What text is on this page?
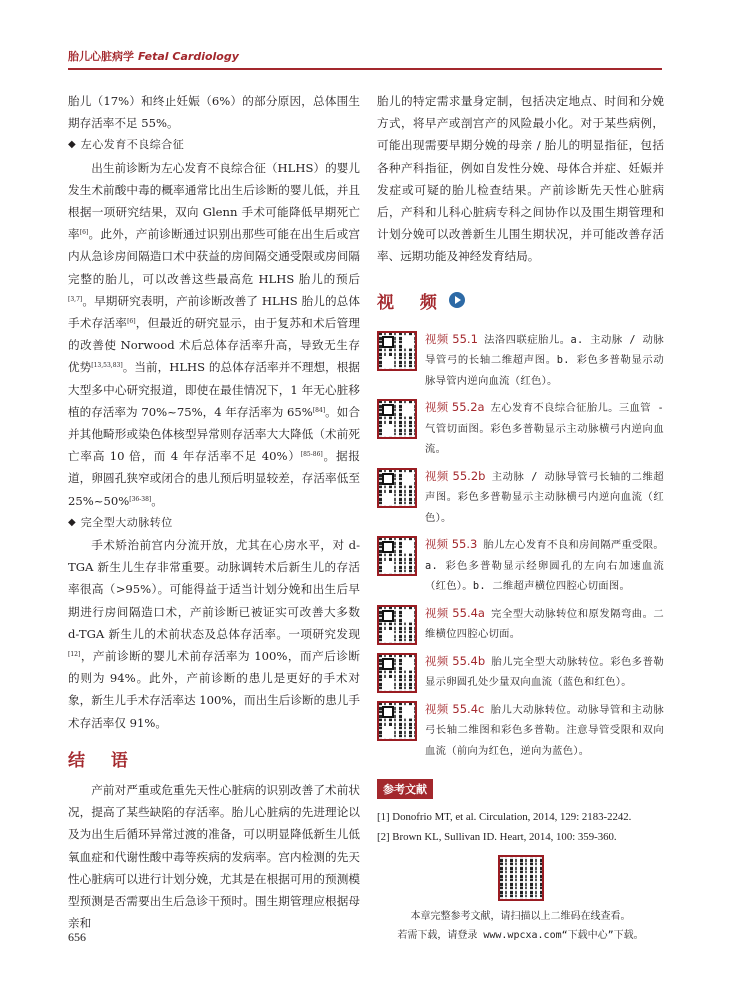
胎儿心脏病学 Fetal Cardiology

胎儿（17%）和终止妊娠（6%）的部分原因，总体围生期存活率不足 55%。

◆ 左心发育不良综合征

出生前诊断为左心发育不良综合征（HLHS）的婴儿发生术前酸中毒的概率通常比出生后诊断的婴儿低，并且根据一项研究结果，双向 Glenn 手术可能降低早期死亡率[6]。此外，产前诊断通过识别出那些可能在出生后或宫内从急诊房间隔造口术中获益的房间隔交通受限或房间隔完整的胎儿，可以改善这些最高危 HLHS 胎儿的预后[3,7]。早期研究表明，产前诊断改善了 HLHS 胎儿的总体手术存活率[6]，但最近的研究显示，由于复苏和术后管理的改善使 Norwood 术后总体存活率升高，导致无生存优势[13,53,83]。当前，HLHS 的总体存活率并不理想，根据大型多中心研究报道，即使在最佳情况下，1 年无心脏移植的存活率为 70%~75%，4 年存活率为 65%[84]。如合并其他畸形或染色体核型异常则存活率大大降低（术前死亡率高 10 倍，而 4 年存活率不足 40%）[85-86]。据报道，卵圆孔狭窄或闭合的患儿预后明显较差，存活率低至 25%~50%[36-38]。

◆ 完全型大动脉转位

手术矫治前宫内分流开放，尤其在心房水平，对 d-TGA 新生儿生存非常重要。动脉调转术后新生儿的存活率很高（>95%）。可能得益于适当计划分娩和出生后早期进行房间隔造口术，产前诊断已被证实可改善大多数 d-TGA 新生儿的术前状态及总体存活率。一项研究发现[12]，产前诊断的婴儿术前存活率为 100%，而产后诊断的则为 94%。此外，产前诊断的患儿是更好的手术对象，新生儿手术存活率达 100%，而出生后诊断的患儿手术存活率仅 91%。

结 语

产前对严重或危重先天性心脏病的识别改善了术前状况，提高了某些缺陷的存活率。胎儿心脏病的先进理论以及为出生后循环异常过渡的准备，可以明显降低新生儿低氧血症和代谢性酸中毒等疾病的发病率。宫内检测的先天性心脏病可以进行计划分娩，尤其是在根据可用的预测模型预测是否需要出生后急诊干预时。围生期管理应根据母亲和

胎儿的特定需求量身定制，包括决定地点、时间和分娩方式，将早产或剖宫产的风险最小化。对于某些病例，可能出现需要早期分娩的母亲 / 胎儿的明显指征，包括各种产科指征，例如自发性分娩、母体合并症、妊娠并发症或可疑的胎儿检查结果。产前诊断先天性心脏病后，产科和儿科心脏病专科之间协作以及围生期管理和计划分娩可以改善新生儿围生期状况，并可能改善存活率、远期功能及神经发育结局。

视 频
视频 55.1 法洛四联症胎儿。a. 主动脉 / 动脉导管弓的长轴二维超声图。b. 彩色多普勒显示动脉导管内逆向血流（红色）。
视频 55.2a 左心发育不良综合征胎儿。三血管 - 气管切面图。彩色多普勒显示主动脉横弓内逆向血流。
视频 55.2b 主动脉 / 动脉导管弓长轴的二维超声图。彩色多普勒显示主动脉横弓内逆向血流（红色）。
视频 55.3 胎儿左心发育不良和房间隔严重受限。a. 彩色多普勒显示经卵圆孔的左向右加速血流（红色）。b. 二维超声横位四腔心切面图。
视频 55.4a 完全型大动脉转位和原发隔弯曲。二维横位四腔心切面。
视频 55.4b 胎儿完全型大动脉转位。彩色多普勒显示卵圆孔处少量双向血流（蓝色和红色）。
视频 55.4c 胎儿大动脉转位。动脉导管和主动脉弓长轴二维图和彩色多普勒。注意导管受限和双向血流（前向为红色，逆向为蓝色）。
参考文献
[1] Donofrio MT, et al. Circulation, 2014, 129: 2183-2242.
[2] Brown KL, Sullivan ID. Heart, 2014, 100: 359-360.
本章完整参考文献，请扫描以上二维码在线查看。
若需下载，请登录 www.wpcxa.com“下载中心”下载。
656
